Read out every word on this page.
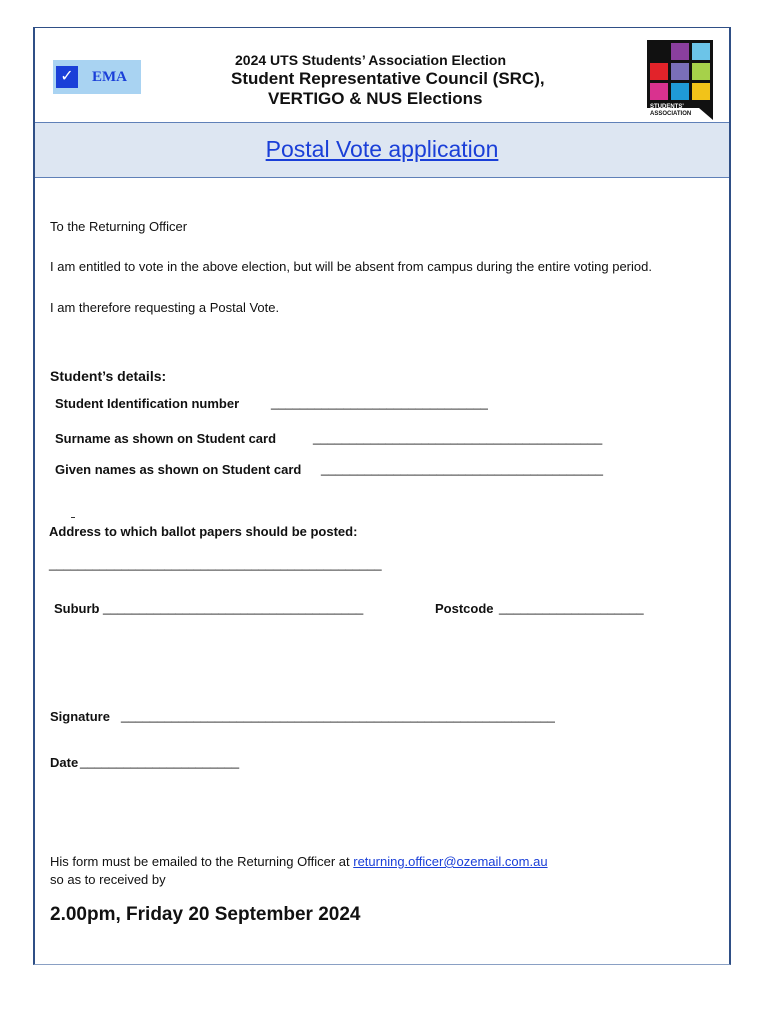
✓ EMA
2024 UTS Students’ Association Election
Student Representative Council (SRC),
VERTIGO & NUS Elections	STUDENTS'
ASSOCIATION
Postal Vote application
To the Returning Officer
I am entitled to vote in the above election, but will be absent from campus during the entire voting period.
I am therefore requesting a Postal Vote.
Student’s details:
Student Identification number ______________________________
Surname as shown on Student card	________________________________________
Given names as shown on Student card _______________________________________
Address to which ballot papers should be posted:
______________________________________________
Suburb ____________________________________	Postcode ____________________
Signature ____________________________________________________________
Date ______________________
His form must be emailed to the Returning Officer at returning.officer@ozemail.com.au
so as to received by
2.00pm, Friday 20 September 2024
